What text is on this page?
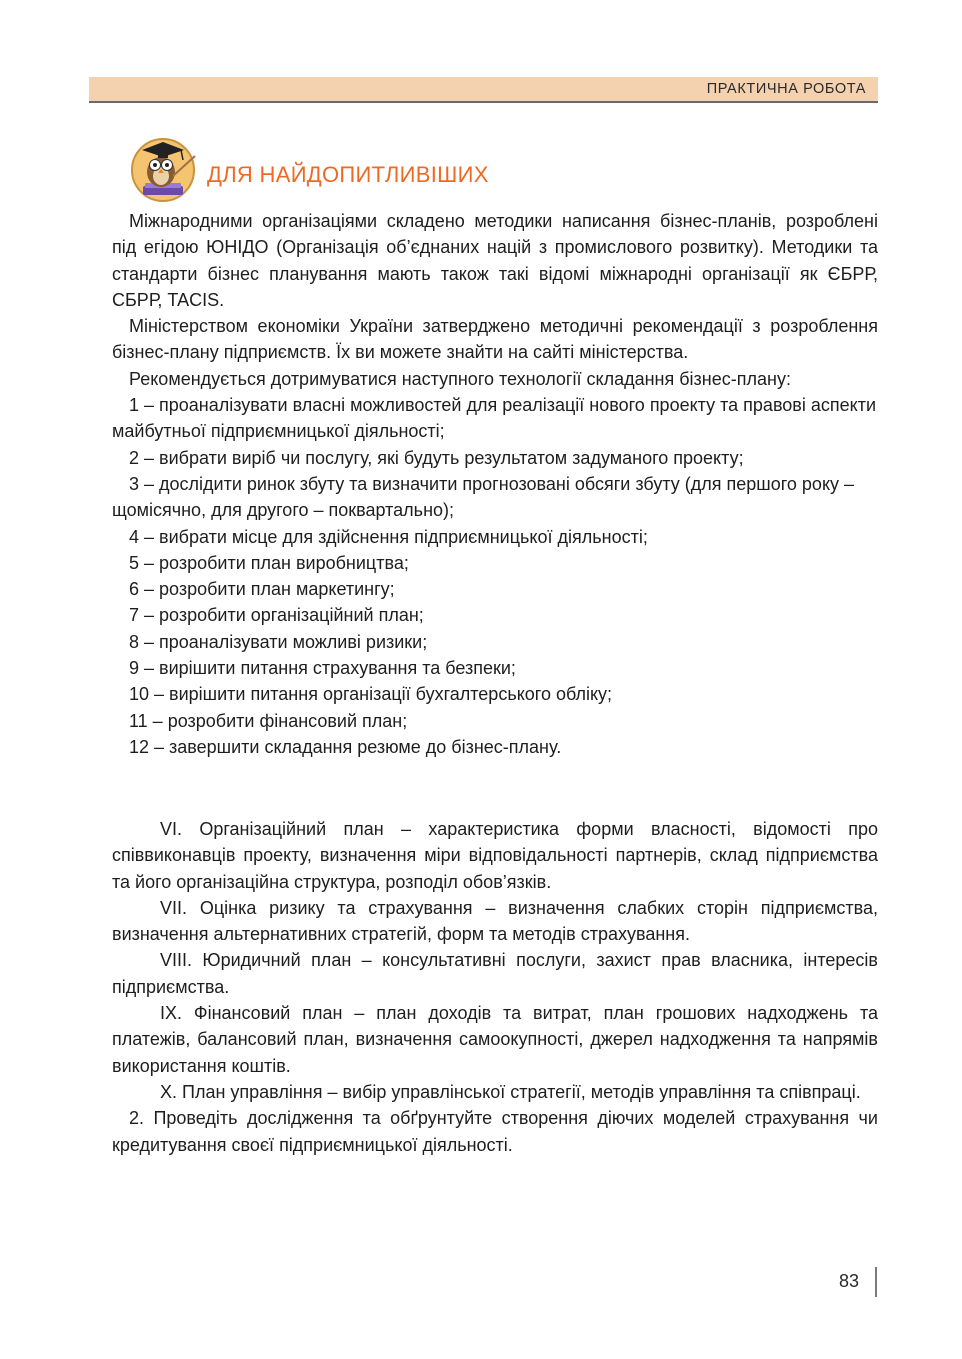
ПРАКТИЧНА РОБОТА
ДЛЯ НАЙДОПИТЛИВІШИХ

Міжнародними організаціями складено методики написання бізнес-планів, розроблені під егідою ЮНІДО (Організація об’єднаних націй з промислового розвитку). Методики та стандарти бізнес планування мають також такі відомі міжнародні організації як ЄБРР, СБРР, TACIS.

Міністерством економіки України затверджено методичні рекомендації з розроблення бізнес-плану підприємств. Їх ви можете знайти на сайті міністерства.

Рекомендується дотримуватися наступного технології складання бізнес-плану:

1 – проаналізувати власні можливостей для реалізації нового проекту та правові аспекти майбутньої підприємницької діяльності;
2 – вибрати виріб чи послугу, які будуть результатом задуманого проекту;
3 – дослідити ринок збуту та визначити прогнозовані обсяги збуту (для першого року – щомісячно, для другого – поквартально);
4 – вибрати місце для здійснення підприємницької діяльності;
5 – розробити план виробництва;
6 – розробити план маркетингу;
7 – розробити організаційний план;
8 – проаналізувати можливі ризики;
9 – вирішити питання страхування та безпеки;
10 – вирішити питання організації бухгалтерського обліку;
11 – розробити фінансовий план;
12 – завершити складання резюме до бізнес-плану.

VI. Організаційний план – характеристика форми власності, відомості про співвиконавців проекту, визначення міри відповідальності партнерів, склад підприємства та його організаційна структура, розподіл обов’язків.

VII. Оцінка ризику та страхування – визначення слабких сторін підприємства, визначення альтернативних стратегій, форм та методів страхування.

VIII. Юридичний план – консультативні послуги, захист прав власника, інтересів підприємства.

IX. Фінансовий план – план доходів та витрат, план грошових надходжень та платежів, балансовий план, визначення самоокупності, джерел надходження та напрямів використання коштів.

X. План управління – вибір управлінської стратегії, методів управління та співпраці.

2. Проведіть дослідження та обґрунтуйте створення діючих моделей страхування чи кредитування своєї підприємницької діяльності.

83
